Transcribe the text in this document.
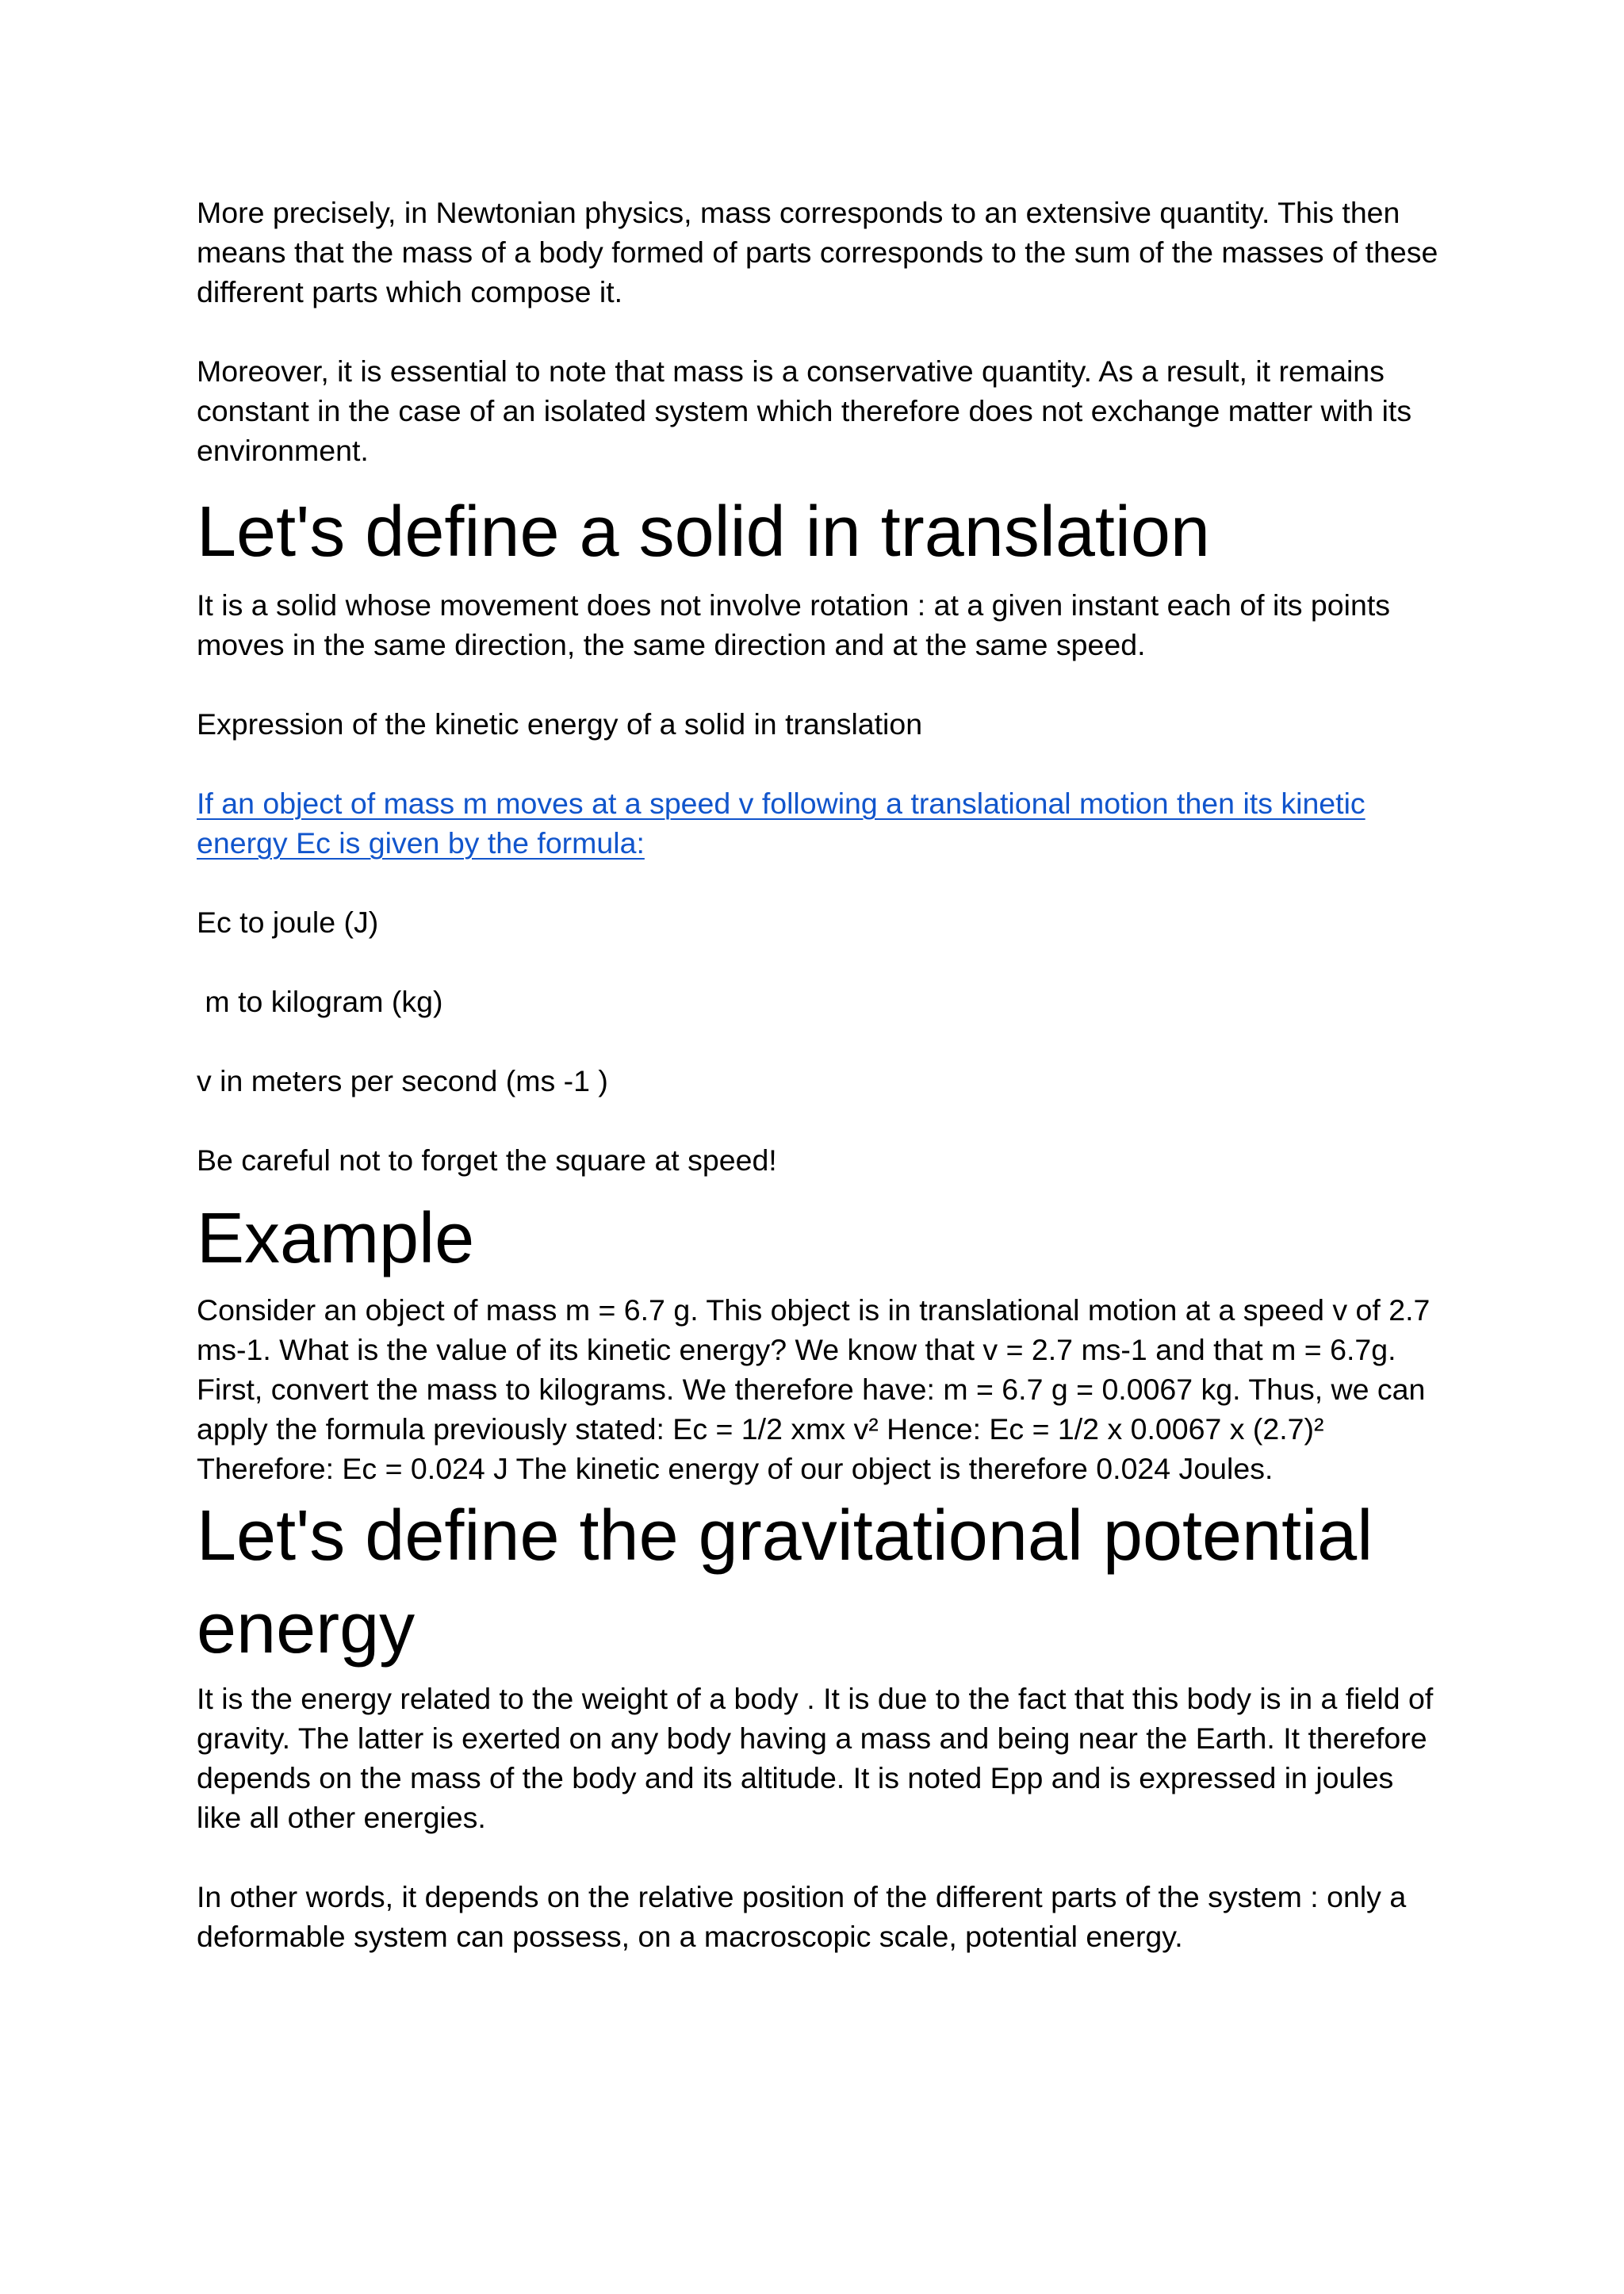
More precisely, in Newtonian physics, mass corresponds to an extensive quantity. This then means that the mass of a body formed of parts corresponds to the sum of the masses of these different parts which compose it.

Moreover, it is essential to note that mass is a conservative quantity. As a result, it remains constant in the case of an isolated system which therefore does not exchange matter with its environment.

Let's define a solid in translation

It is a solid whose movement does not involve rotation : at a given instant each of its points moves in the same direction, the same direction and at the same speed.

Expression of the kinetic energy of a solid in translation

If an object of mass m moves at a speed v following a translational motion then its kinetic energy Ec is given by the formula:

Ec to joule (J)

m to kilogram (kg)

v in meters per second (ms -1 )

Be careful not to forget the square at speed!

Example

Consider an object of mass m = 6.7 g. This object is in translational motion at a speed v of 2.7 ms-1. What is the value of its kinetic energy? We know that v = 2.7 ms-1 and that m = 6.7g. First, convert the mass to kilograms. We therefore have: m = 6.7 g = 0.0067 kg. Thus, we can apply the formula previously stated: Ec = 1/2 xmx v² Hence: Ec = 1/2 x 0.0067 x (2.7)² Therefore: Ec = 0.024 J The kinetic energy of our object is therefore 0.024 Joules.

Let's define the gravitational potential energy

It is the energy related to the weight of a body . It is due to the fact that this body is in a field of gravity. The latter is exerted on any body having a mass and being near the Earth. It therefore depends on the mass of the body and its altitude. It is noted Epp and is expressed in joules like all other energies.

In other words, it depends on the relative position of the different parts of the system : only a deformable system can possess, on a macroscopic scale, potential energy.
